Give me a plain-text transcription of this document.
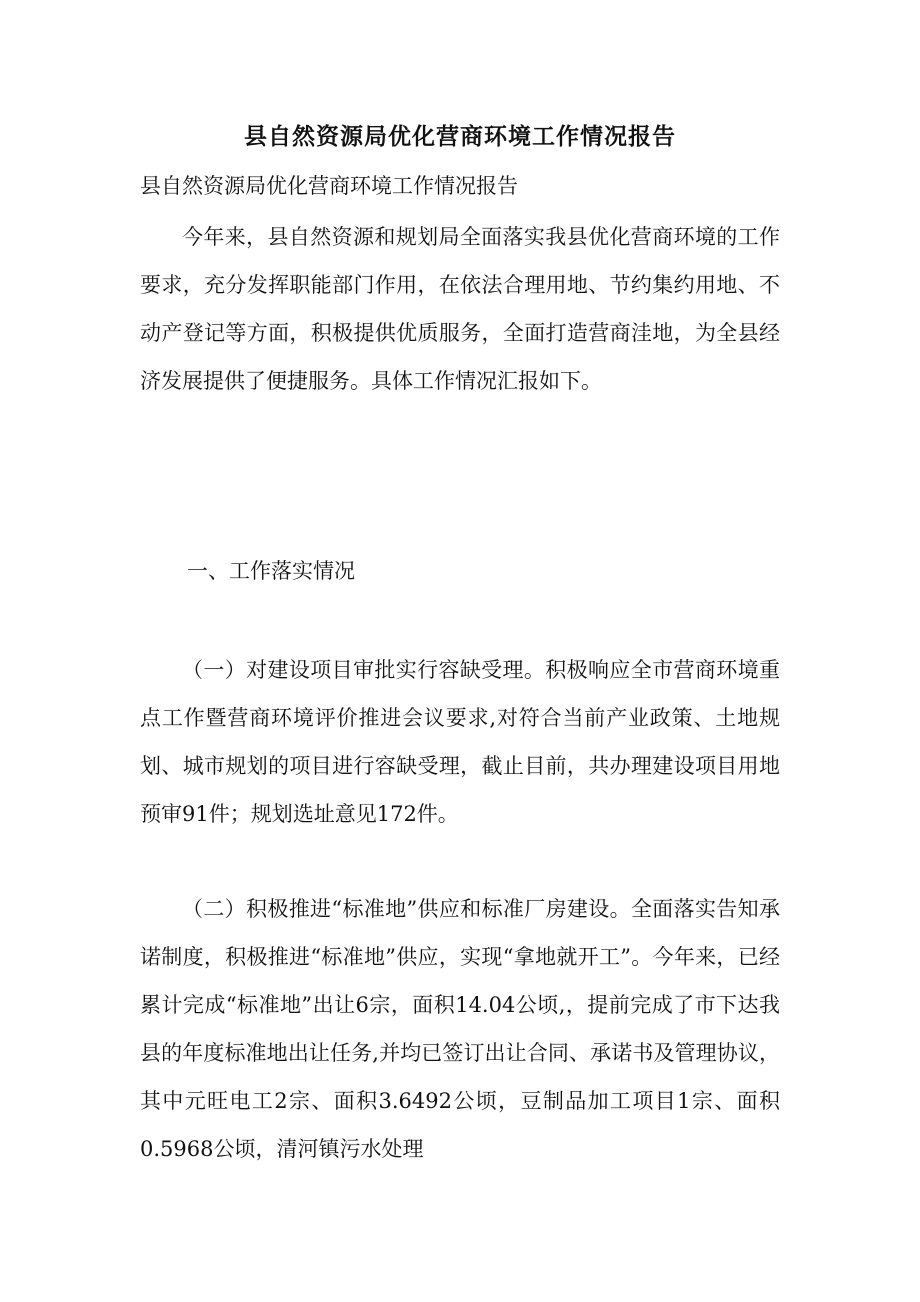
县自然资源局优化营商环境工作情况报告

县自然资源局优化营商环境工作情况报告

今年来，县自然资源和规划局全面落实我县优化营商环境的工作要求，充分发挥职能部门作用，在依法合理用地、节约集约用地、不动产登记等方面，积极提供优质服务，全面打造营商洼地，为全县经济发展提供了便捷服务。具体工作情况汇报如下。

一、工作落实情况

（一）对建设项目审批实行容缺受理。积极响应全市营商环境重点工作暨营商环境评价推进会议要求,对符合当前产业政策、土地规划、城市规划的项目进行容缺受理，截止目前，共办理建设项目用地预审91件；规划选址意见172件。

（二）积极推进“标准地”供应和标准厂房建设。全面落实告知承诺制度，积极推进“标准地”供应，实现“拿地就开工”。今年来，已经累计完成“标准地”出让6宗，面积14.04公顷,，提前完成了市下达我县的年度标准地出让任务,并均已签订出让合同、承诺书及管理协议，其中元旺电工2宗、面积3.6492公顷，豆制品加工项目1宗、面积0.5968公顷，清河镇污水处理
